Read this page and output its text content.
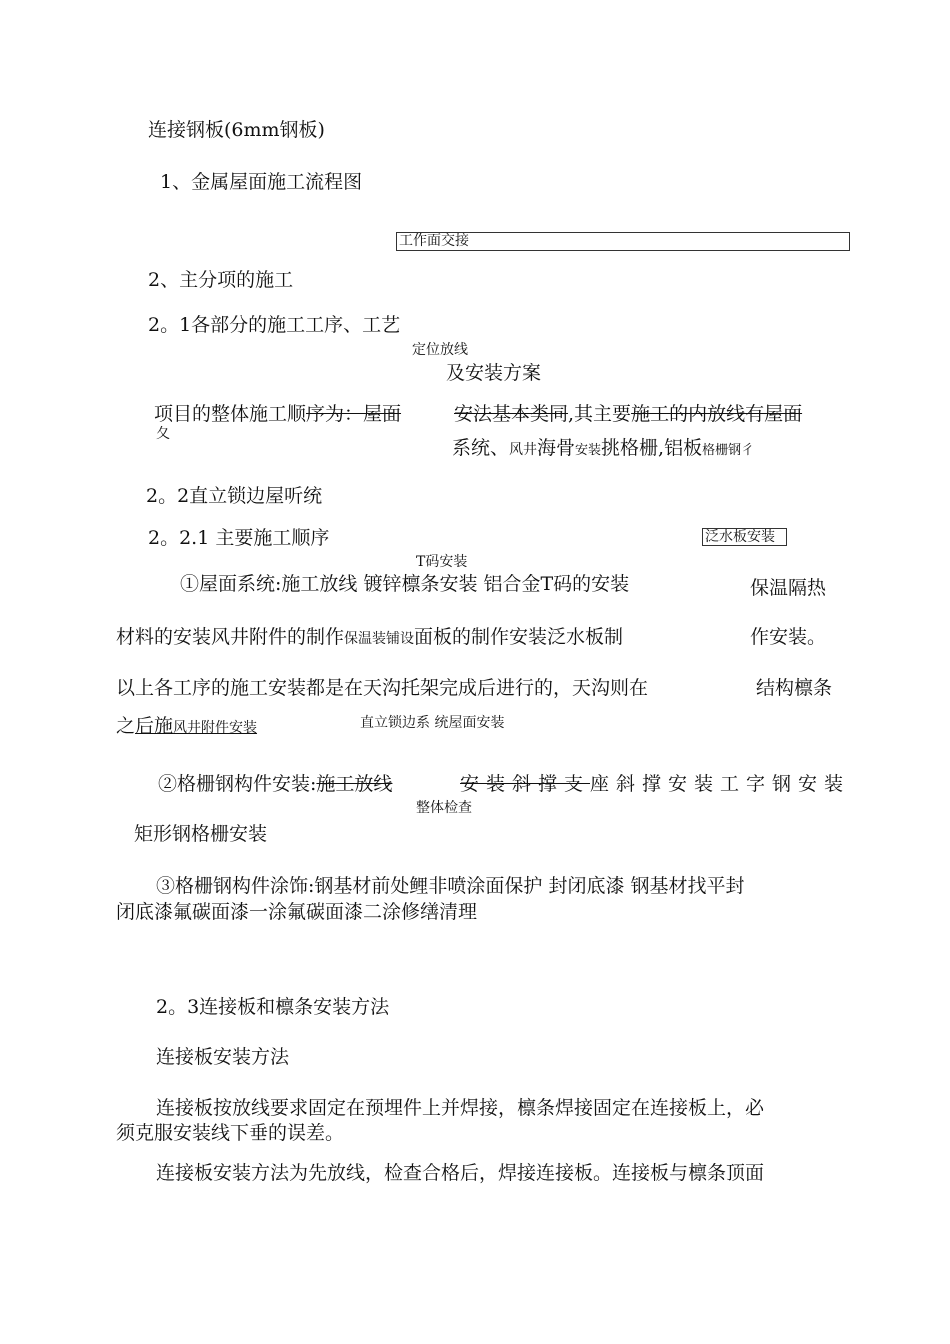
连接钢板(6mm钢板)
1、金属屋面施工流程图
工作面交接
2、主分项的施工
2。1各部分的施工工序、工艺
定位放线
及安装方案
项目的整体施工顺序为：屋面	安法基本类同,其主要施工的内放线有屋面
夂
系统、风井海骨安装挑格栅,铝板格栅钢彳
2。2直立锁边屋听统
2。2.1 主要施工顺序	泛水板安装
T码安装
①屋面系统:施工放线 镀锌檩条安装 铝合金T码的安装	保温隔热
材料的安装风井附件的制作保温装铺设面板的制作安装泛水板制	作安装。
以上各工序的施工安装都是在天沟托架完成后进行的，天沟则在	结构檩条
之后施风井附件安装	直立锁边系 统屋面安装
②格栅钢构件安装:施工放线	安装斜撑支座斜撑安装工字钢安装
整体检查
矩形钢格栅安装
③格栅钢构件涂饰:钢基材前处鲤非喷涂面保护 封闭底漆 钢基材找平封
闭底漆氟碳面漆一涂氟碳面漆二涂修缮清理
2。3连接板和檩条安装方法
连接板安装方法
连接板按放线要求固定在预埋件上并焊接，檩条焊接固定在连接板上，必
须克服安装线下垂的误差。
连接板安装方法为先放线，检查合格后，焊接连接板。连接板与檩条顶面
